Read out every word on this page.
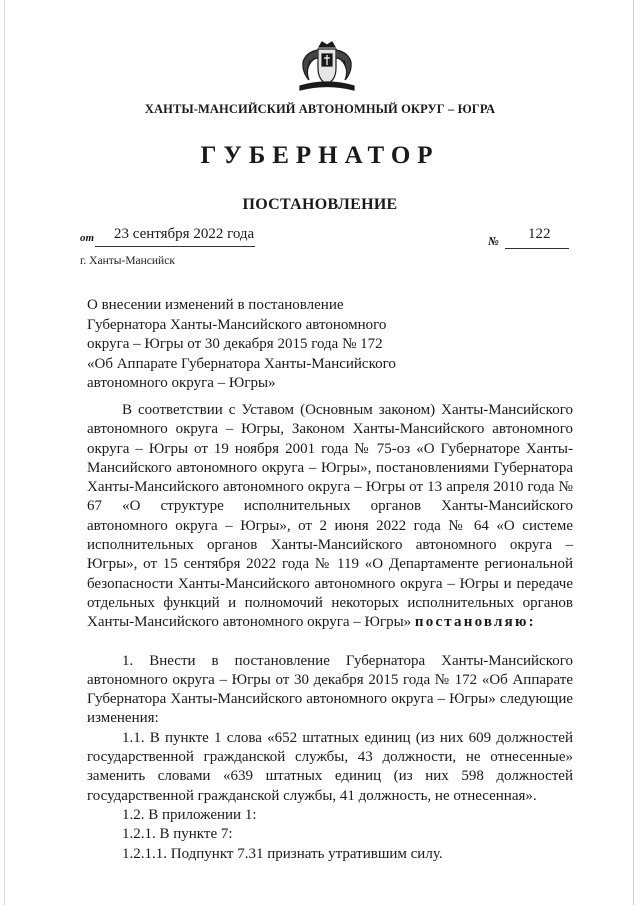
ХАНТЫ-МАНСИЙСКИЙ АВТОНОМНЫЙ ОКРУГ – ЮГРА
ГУБЕРНАТОР
ПОСТАНОВЛЕНИЕ
от 23 сентября 2022 года	№ 122
г. Ханты-Мансийск
О внесении изменений в постановление
Губернатора Ханты-Мансийского автономного
округа – Югры от 30 декабря 2015 года № 172
«Об Аппарате Губернатора Ханты-Мансийского
автономного округа – Югры»

В соответствии с Уставом (Основным законом) Ханты-Мансийского автономного округа – Югры, Законом Ханты-Мансийского автономного округа – Югры от 19 ноября 2001 года № 75-оз «О Губернаторе Ханты-Мансийского автономного округа – Югры», постановлениями Губернатора Ханты-Мансийского автономного округа – Югры от 13 апреля 2010 года № 67 «О структуре исполнительных органов Ханты-Мансийского автономного округа – Югры», от 2 июня 2022 года № 64 «О системе исполнительных органов Ханты-Мансийского автономного округа – Югры», от 15 сентября 2022 года № 119 «О Департаменте региональной безопасности Ханты-Мансийского автономного округа – Югры и передаче отдельных функций и полномочий некоторых исполнительных органов Ханты-Мансийского автономного округа – Югры» постановляю:

1. Внести в постановление Губернатора Ханты-Мансийского автономного округа – Югры от 30 декабря 2015 года № 172 «Об Аппарате Губернатора Ханты-Мансийского автономного округа – Югры» следующие изменения:

1.1. В пункте 1 слова «652 штатных единиц (из них 609 должностей государственной гражданской службы, 43 должности, не отнесенные» заменить словами «639 штатных единиц (из них 598 должностей государственной гражданской службы, 41 должность, не отнесенная».

1.2. В приложении 1:

1.2.1. В пункте 7:

1.2.1.1. Подпункт 7.31 признать утратившим силу.
